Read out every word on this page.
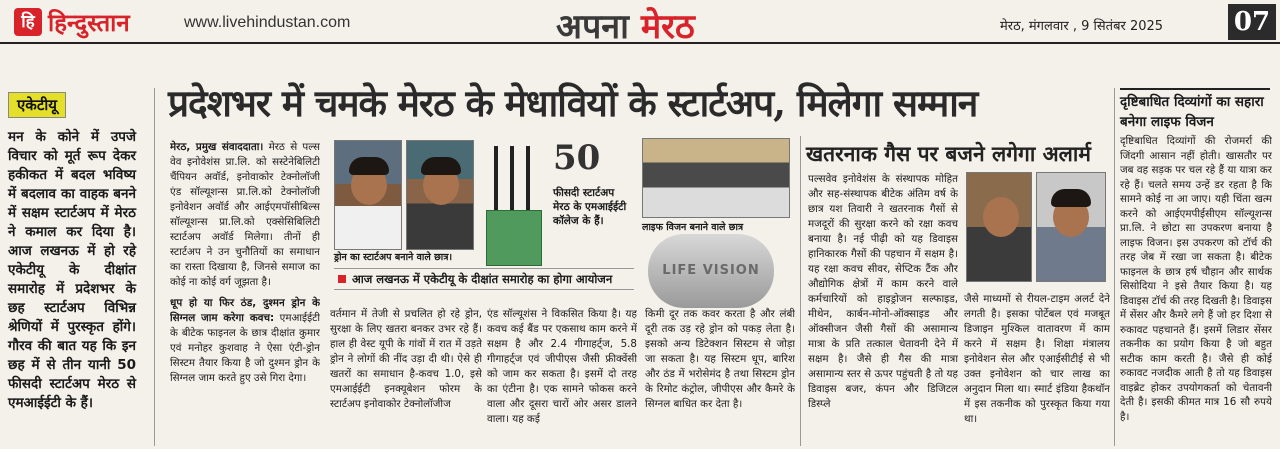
हि हिन्दुस्तान	www.livehindustan.com	अपना मेरठ	मेरठ, मंगलवार , 9 सितंबर 2025	07
एकेटीयू

मन के कोने में उपजे विचार को मूर्त रूप देकर हकीकत में बदल भविष्य में बदलाव का वाहक बनने में सक्षम स्टार्टअप में मेरठ ने कमाल कर दिया है। आज लखनऊ में हो रहे एकेटीयू के दीक्षांत समारोह में प्रदेशभर के छह स्टार्टअप विभिन्न श्रेणियों में पुरस्कृत होंगे। गौरव की बात यह कि इन छह में से तीन यानी 50 फीसदी स्टार्टअप मेरठ से एमआईईटी के हैं।

प्रदेशभर में चमके मेरठ के मेधावियों के स्टार्टअप, मिलेगा सम्मान
मेरठ, प्रमुख संवाददाता। मेरठ से पल्स वेव इनोवेशंस प्रा.लि. को सस्टेनेबिलिटी चैंपियन अवॉर्ड, इनोवाकोर टेक्नोलॉजी एंड सॉल्यूशन्स प्रा.लि.को टेक्नोलॉजी इनोवेशन अवॉर्ड और आईएमपॉसीबिल्स सॉल्यूशन्स प्रा.लि.को एक्सेसिबिलिटी स्टार्टअप अवॉर्ड मिलेगा। तीनों ही स्टार्टअप ने उन चुनौतियों का समाधान का रास्ता दिखाया है, जिनसे समाज का कोई ना कोई वर्ग जूझता है।

धूप हो या फिर ठंड, दुश्मन ड्रोन के सिग्नल जाम करेगा कवच: एमआईईटी के बीटेक फाइनल के छात्र दीक्षांत कुमार एवं मनोहर कुशवाह ने ऐसा एंटी-ड्रोन सिस्टम तैयार किया है जो दुश्मन ड्रोन के सिग्नल जाम करते हुए उसे गिरा देगा।

ड्रोन का स्टार्टअप बनाने वाले छात्र।
50
फीसदी स्टार्टअप मेरठ के एमआईईटी कॉलेज के हैं।
आज लखनऊ में एकेटीयू के दीक्षांत समारोह का होगा आयोजन
वर्तमान में तेजी से प्रचलित हो रहे ड्रोन, सुरक्षा के लिए खतरा बनकर उभर रहे हैं। हाल ही वेस्ट यूपी के गांवों में रात में उड़ते ड्रोन ने लोगों की नींद उड़ा दी थी। ऐसे ही खतरों का समाधान है-कवच 1.0, इसे एमआईईटी इनक्यूबेशन फोरम के स्टार्टअप इनोवाकोर टेक्नोलॉजीज
एंड सॉल्यूशंस ने विकसित किया है। यह कवच कई बैंड पर एकसाथ काम करने में सक्षम है और 2.4 गीगाहर्ट्ज, 5.8 गीगाहर्ट्ज एवं जीपीएस जैसी फ्रीक्वेंसी को जाम कर सकता है। इसमें दो तरह का एंटीना है। एक सामने फोकस करने वाला और दूसरा चारों ओर असर डालने वाला। यह कई
लाइफ विजन बनाने वाले छात्र
LIFE VISION
किमी दूर तक कवर करता है और लंबी दूरी तक उड़ रहे ड्रोन को पकड़ लेता है। इसको अन्य डिटेक्शन सिस्टम से जोड़ा जा सकता है। यह सिस्टम धूप, बारिश और ठंड में भरोसेमंद है तथा सिस्टम ड्रोन के रिमोट कंट्रोल, जीपीएस और कैमरे के सिग्नल बाधित कर देता है।
खतरनाक गैस पर बजने लगेगा अलार्म
पल्सवेव इनोवेशंस के संस्थापक मोहित और सह-संस्थापक बीटेक अंतिम वर्ष के छात्र यश तिवारी ने खतरनाक गैसों से मजदूरों की सुरक्षा करने को रक्षा कवच बनाया है। नई पीढ़ी को यह डिवाइस हानिकारक गैसों की पहचान में सक्षम है। यह रक्षा कवच सीवर, सेप्टिक टैंक और औद्योगिक क्षेत्रों में काम करने वाले कर्मचारियों को हाइड्रोजन सल्फाइड, मीथेन, कार्बन-मोनो-ऑक्साइड और ऑक्सीजन जैसी गैसों की असामान्य मात्रा के प्रति तत्काल चेतावनी देने में सक्षम है। जैसे ही गैस की मात्रा असामान्य स्तर से ऊपर पहुंचती है तो यह डिवाइस बजर, कंपन और डिजिटल डिस्प्ले
जैसे माध्यमों से रीयल-टाइम अलर्ट देने लगती है। इसका पोर्टेबल एवं मजबूत डिजाइन मुश्किल वातावरण में काम करने में सक्षम है। शिक्षा मंत्रालय इनोवेशन सेल और एआईसीटीई से भी उक्त इनोवेशन को चार लाख का अनुदान मिला था। स्मार्ट इंडिया हैकथॉन में इस तकनीक को पुरस्कृत किया गया था।
दृष्टिबाधित दिव्यांगों का सहारा बनेगा लाइफ विजन
दृष्टिबाधित दिव्यांगों की रोजमर्रा की जिंदगी आसान नहीं होती। खासतौर पर जब वह सड़क पर चल रहे हैं या यात्रा कर रहे हैं। चलते समय उन्हें डर रहता है कि सामने कोई ना आ जाए। यही चिंता खत्म करने को आईएमपीईसीएम सॉल्यूशन्स प्रा.लि. ने छोटा सा उपकरण बनाया है लाइफ विजन। इस उपकरण को टॉर्च की तरह जेब में रखा जा सकता है। बीटेक फाइनल के छात्र हर्ष चौहान और सार्थक सिसोदिया ने इसे तैयार किया है। यह डिवाइस टॉर्च की तरह दिखती है। डिवाइस में सेंसर और कैमरे लगे हैं जो हर दिशा से रुकावट पहचानते हैं। इसमें लिडार सेंसर तकनीक का प्रयोग किया है जो बहुत सटीक काम करती है। जैसे ही कोई रुकावट नजदीक आती है तो यह डिवाइस वाइब्रेट होकर उपयोगकर्ता को चेतावनी देती है। इसकी कीमत मात्र 16 सौ रुपये है।
